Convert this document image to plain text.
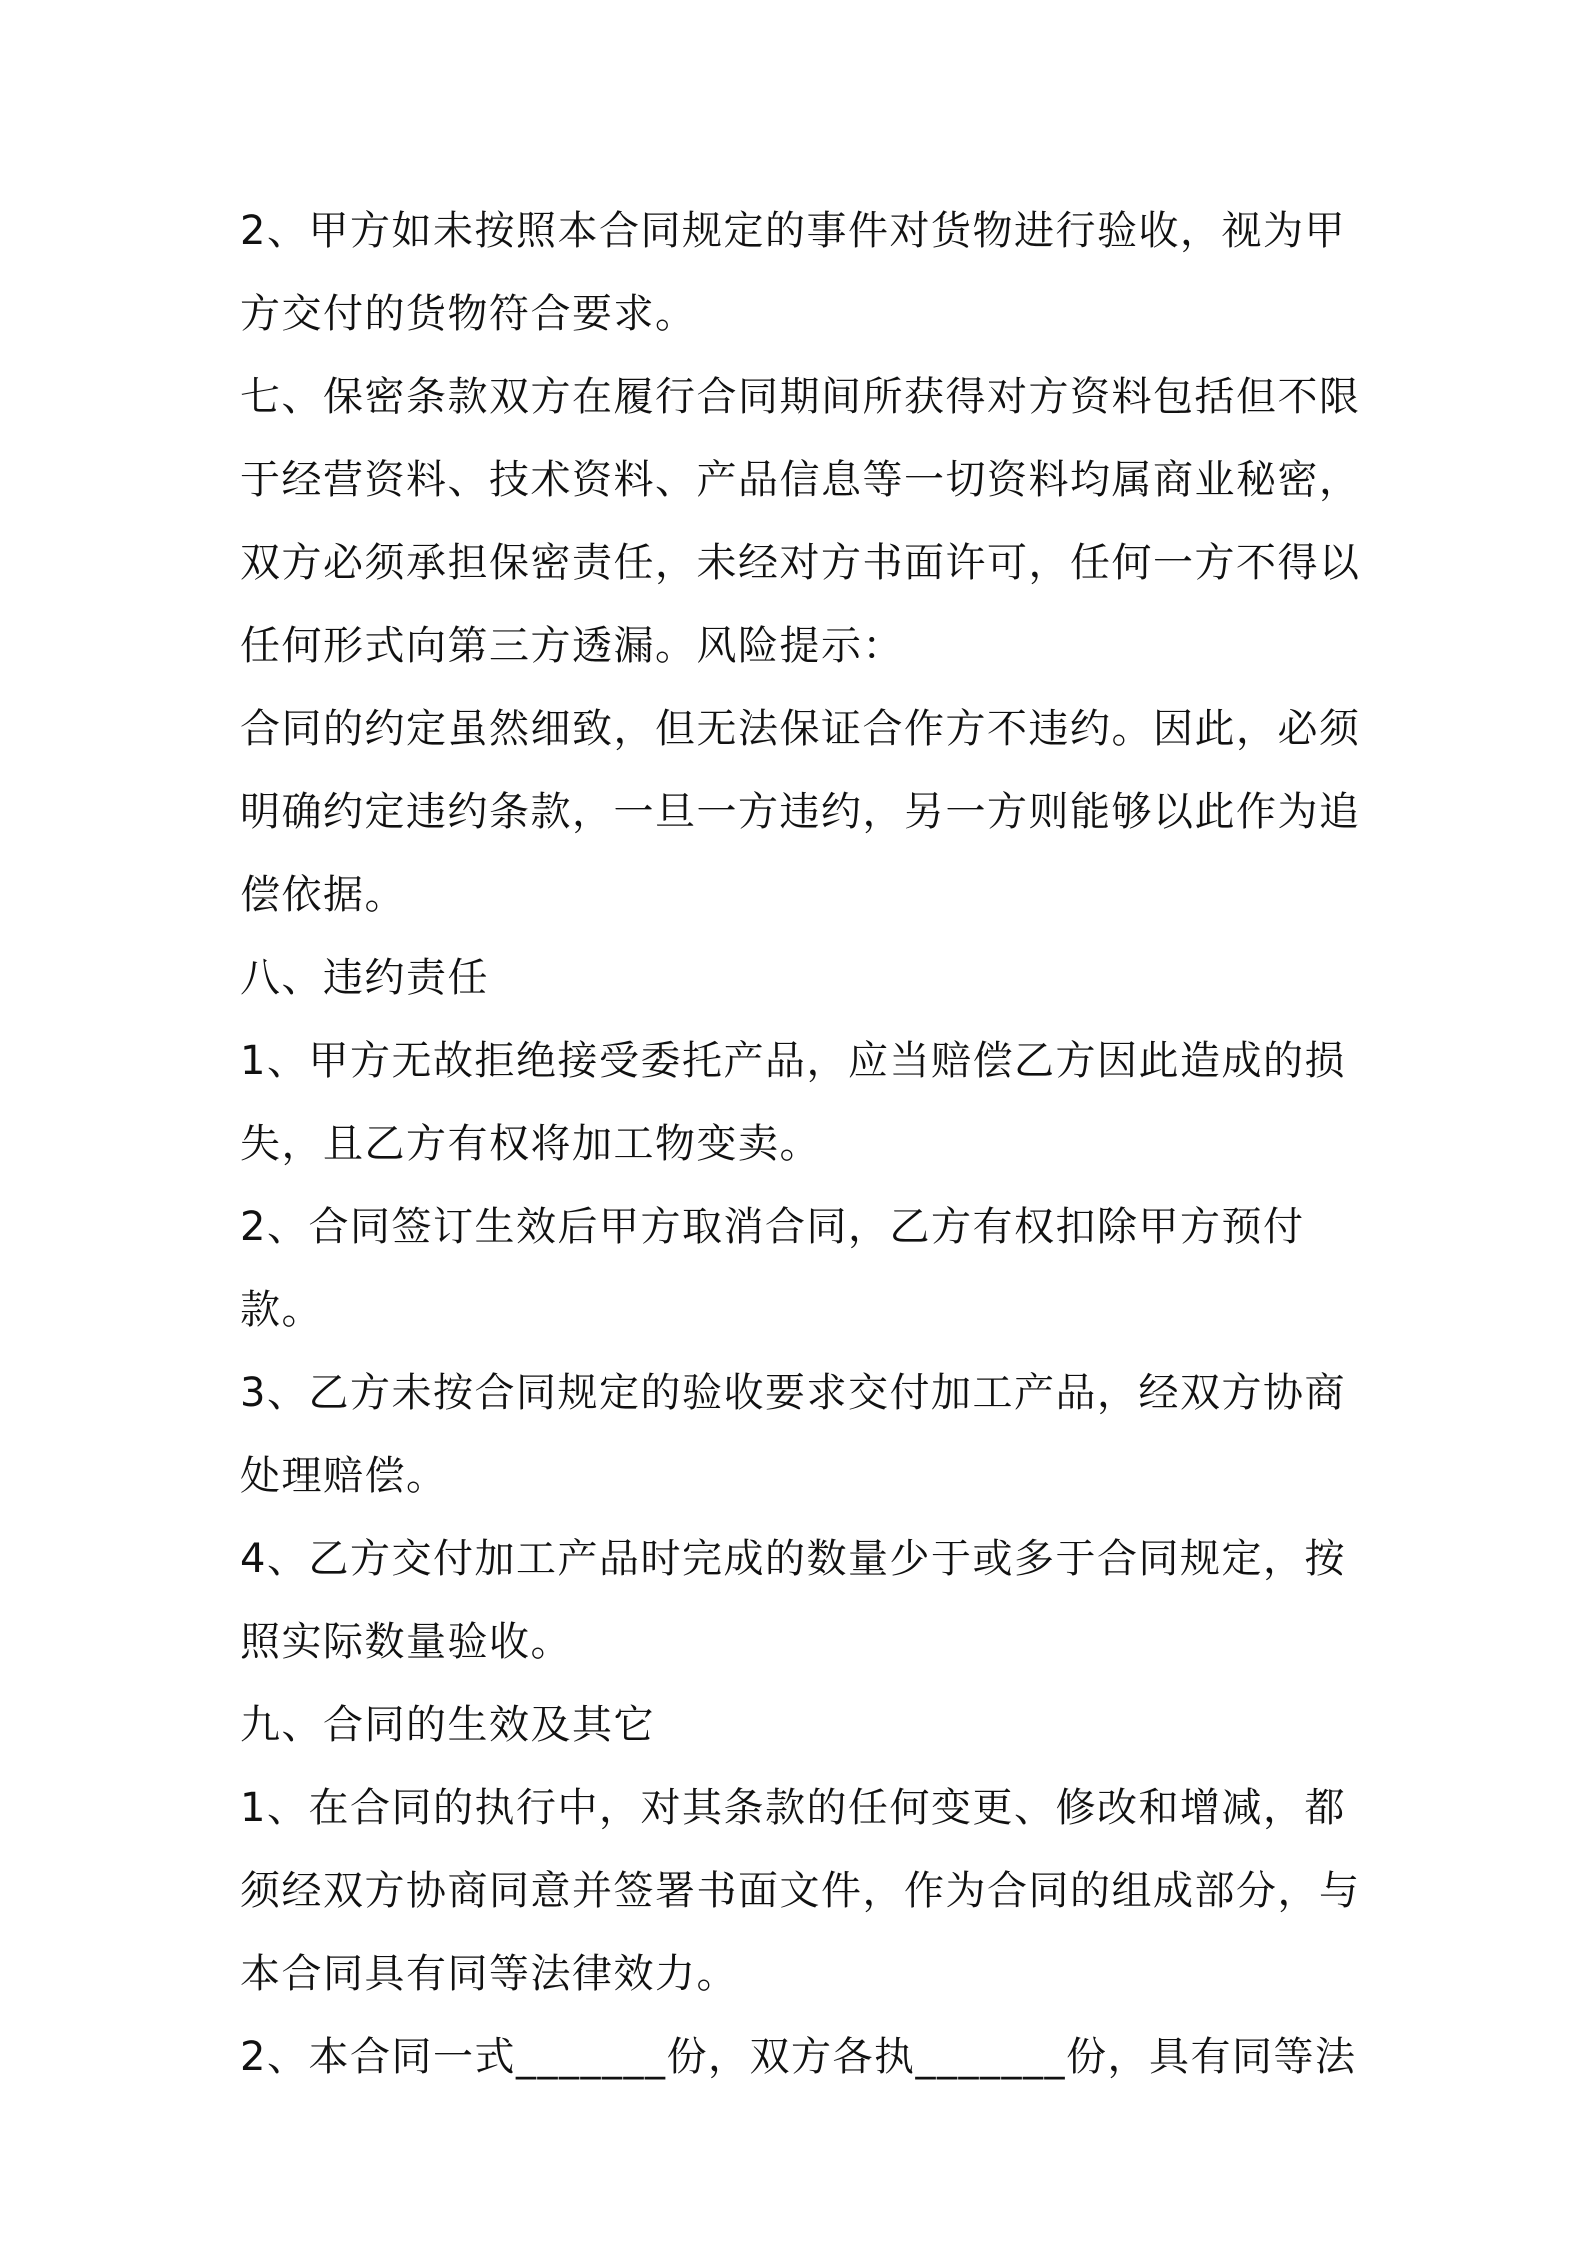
2、甲方如未按照本合同规定的事件对货物进行验收，视为甲方交付的货物符合要求。

七、保密条款双方在履行合同期间所获得对方资料包括但不限于经营资料、技术资料、产品信息等一切资料均属商业秘密，双方必须承担保密责任，未经对方书面许可，任何一方不得以任何形式向第三方透漏。风险提示：

合同的约定虽然细致，但无法保证合作方不违约。因此，必须明确约定违约条款，一旦一方违约，另一方则能够以此作为追偿依据。

八、违约责任

1、甲方无故拒绝接受委托产品，应当赔偿乙方因此造成的损失，且乙方有权将加工物变卖。

2、合同签订生效后甲方取消合同，乙方有权扣除甲方预付款。

3、乙方未按合同规定的验收要求交付加工产品，经双方协商处理赔偿。

4、乙方交付加工产品时完成的数量少于或多于合同规定，按照实际数量验收。

九、合同的生效及其它

1、在合同的执行中，对其条款的任何变更、修改和增减，都须经双方协商同意并签署书面文件，作为合同的组成部分，与本合同具有同等法律效力。

2、本合同一式_______份，双方各执_______份，具有同等法
